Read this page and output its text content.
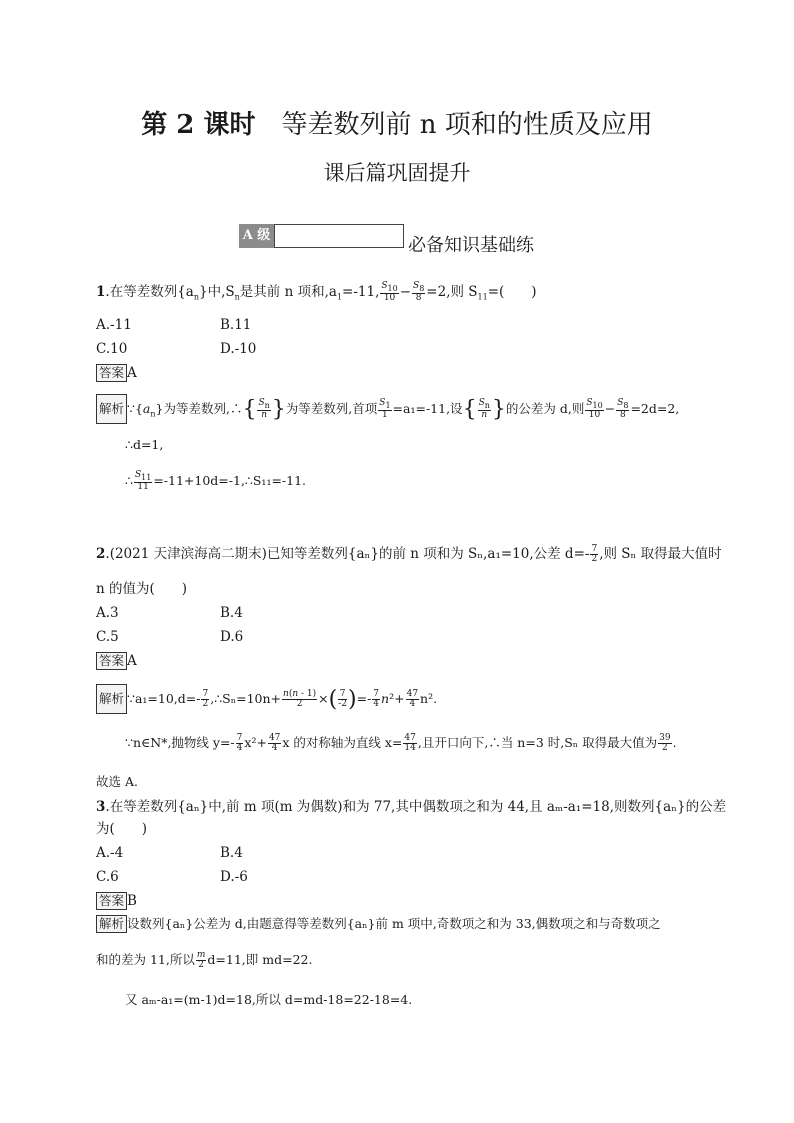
第 2 课时　 等差数列前 n 项和的性质及应用
课后篇巩固提升
A 级	必备知识基础练
1.在等差数列$\{a_n\}$中$,S_n$是其前 n 项和$,a_1=-11$, $\frac{S_{10}}{10} - \frac{S_8}{8} =2$,则 $S_{11}=$(　　)
A.-11	B.11
C.10	D.-10
答案 A
解析 $\because\{a_n\}$为等差数列,∴{ $\frac{S_n}{n}$ }为等差数列,首项 $\frac{S_1}{1} =a_1=-11$,设{ $\frac{S_n}{n}$ }的公差为 d,则 $\frac{S_{10}}{10} - \frac{S_8}{8} =2d=2$,
∴d=1,
∴ $\frac{S_{11}}{11}$ =-11+10d=-1,∴S₁₁=-11.
2.(2021 天津滨海高二期末)已知等差数列{aₙ}的前 n 项和为 Sₙ,a₁=10,公差 $d=- \frac{7}{2}$ ,则 Sₙ 取得最大值时
n 的值为(　　)
A.3	B.4
C.5	D.6
答案 A
解析 ∵a₁=10,d=- $\frac{7}{2}$ ,∴Sₙ=10n+ $\frac{n(n - 1)}{2}$ ×( $\frac{7}{-2}$ )=- $\frac{7}{4} n^2+ \frac{47}{4} n^2$.
∵n∈N*,抛物线 $y=- \frac{7}{4} x^2+ \frac{47}{4}$ x 的对称轴为直线 $x= \frac{47}{14}$ ,且开口向下,∴当 n=3 时,Sₙ 取得最大值为 $\frac{39}{2}$ .
故选 A.
3.在等差数列{aₙ}中,前 m 项(m 为偶数)和为 77,其中偶数项之和为 44,且 aₘ-a₁=18,则数列{aₙ}的公差
为(　　)
A.-4	B.4
C.6	D.-6
答案 B
解析 设数列{aₙ}公差为 d,由题意得等差数列{aₙ}前 m 项中,奇数项之和为 33,偶数项之和与奇数项之
和的差为 11,所以 $\frac{m}{2} d=11$,即 md=22.
又 aₘ-a₁=(m-1)d=18,所以 d=md-18=22-18=4.
